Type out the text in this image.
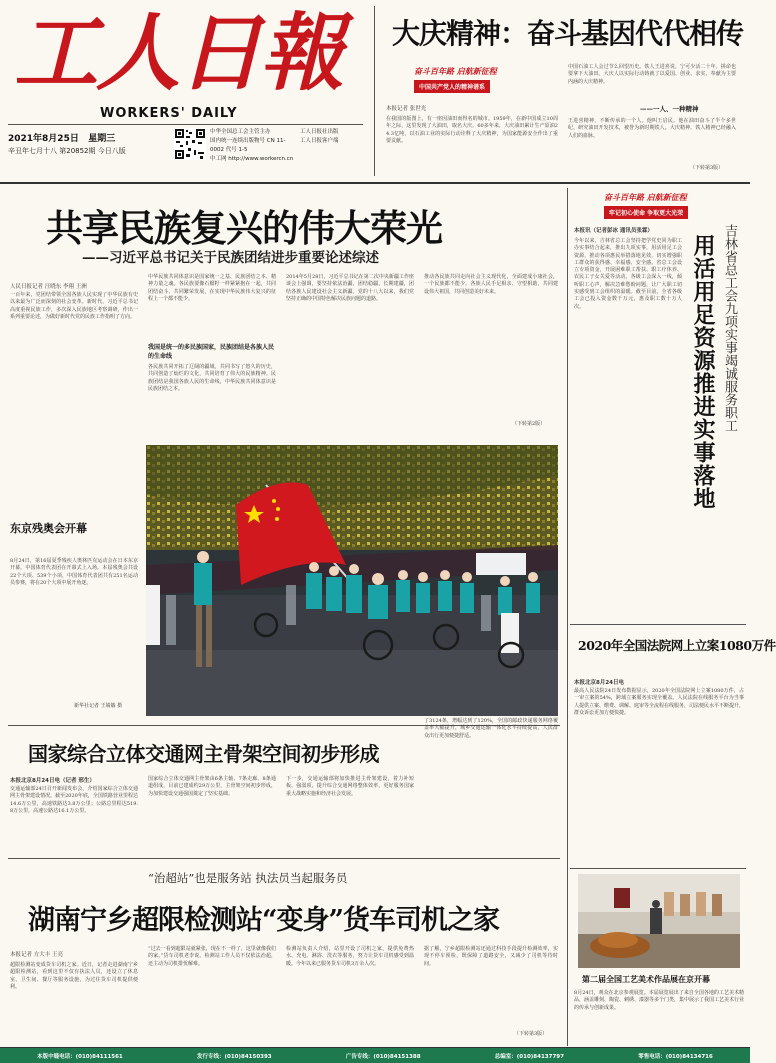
工人日報
WORKERS' DAILY
2021年8月25日 星期三
辛丑年七月十八 第20852期 今日八版
中华全国总工会主管主办
国内统一连续出版物号 CN 11-0002 代号 1-5
中工网 http://www.workercn.cn
工人日报社出版
工人日报客户端
大庆精神：奋斗基因代代相传
奋斗百年路 启航新征程
中国共产党人的精神谱系
本报记者 张世光
在我国的版图上，有一座因油田而得名的城市。1959年，在新中国成立10周年之际，这里发现了大油田，取名大庆。60多年来，大庆油田累计生产原油24.3亿吨，以石油工业的实际行动诠释了大庆精神，为国家能源安全作出了重要贡献。
中国石油工人会过节么回望历史。铁人王进喜说，宁可少活二十年，拼命也要拿下大油田。大庆人以实际行动铸就了以爱国、创业、求实、奉献为主要内涵的大庆精神。
——一人、一种精神
王进喜精神，不断传承的一个人。他叫王启民。他在油田奋斗了半个多世纪，研究油田开发技术，被誉为新时期铁人。大庆精神、铁人精神已经融入人们的血脉。
（下转第3版）
共享民族复兴的伟大荣光
——习近平总书记关于民族团结进步重要论述综述
人民日报记者 汪晓东 李翔 王洲
一百年来，党团结带领全国各族人民实现了中华民族有史以来最为广泛而深刻的社会变革。新时代，习近平总书记高度重视民族工作，多次深入民族地区考察调研，作出一系列重要论述，为做好新时代党的民族工作指明了方向。
中华民族共同体意识是国家统一之基、民族团结之本、精神力量之魂。各民族要像石榴籽一样紧紧抱在一起，共同团结奋斗、共同繁荣发展，在实现中华民族伟大复兴的征程上一个都不能少。
我国是统一的多民族国家，民族团结是各族人民的生命线
各民族共同开拓了辽阔的疆域，共同书写了悠久的历史，共同创造了灿烂的文化，共同培育了伟大的民族精神。民族团结是我国各族人民的生命线，中华民族共同体意识是民族团结之本。
2014年5月28日，习近平总书记在第二次中央新疆工作座谈会上强调，要坚持依法治疆、团结稳疆、长期建疆，团结各族人民建设社会主义新疆。党的十八大以来，我们党坚持正确的中国特色解决民族问题的道路。
推动各民族共同走向社会主义现代化，全面建成小康社会，一个民族都不能少。各族人民手足相亲、守望相助，共同建设伟大祖国，共同创造美好未来。
（下转第2版）
东京残奥会开幕
8月24日，第16届夏季残疾人奥林匹克运动会在日本东京开幕。中国体育代表团在开幕式上入场。本届残奥会共设22个大项、539个小项，中国体育代表团共有251名运动员参赛，将在20个大项中展开角逐。
新华社记者 王婧嫱 摄
国家综合立体交通网主骨架空间初步形成
本报北京8月24日电（记者 邢生）
交通运输部24日召开新闻发布会，介绍国家综合立体交通网主骨架建设情况。截至2020年底，全国铁路营业里程达14.6万公里，高速铁路达3.8万公里；公路总里程达519.8万公里，高速公路达16.1万公里。
国家综合立体交通网主骨架由6条主轴、7条走廊、8条通道组成，目前已建成约29万公里，主骨架空间初步形成，为加快建设交通强国奠定了坚实基础。
下一步，交通运输部将加快推进主骨架建设，着力补短板、强弱项，提升综合交通网络整体效率，更好服务国家重大战略实施和经济社会发展。
了3124条，增幅达到了120%，全国的邮政快递服务网络覆盖率大幅提升，城乡交通运输一体化水平持续提高，人民群众出行更加便捷舒适。
“治超站”也是服务站 执法员当起服务员
湖南宁乡超限检测站“变身”货车司机之家
本报记者 方大丰 王亮
超限检测站变成货车司机之家。近日，记者走进湖南宁乡超限检测站，看到这里不仅有执法人员，还设立了休息室、卫生间、餐厅等服务设施，为过往货车司机提供便利。
“过去一看到超限站就紧张，现在不一样了，这里就像我们的家。”货车司机老李说。检测站工作人员不仅依法治超，还主动为司机排忧解难。
检测站负责人介绍，站里开设了司机之家，提供免费热水、充电、淋浴、洗衣等服务，努力让货车司机感受到温暖。今年以来已服务货车司机3万余人次。
据了解，宁乡超限检测站还通过科技手段提升检测效率，实现不停车预检，既保障了道路安全，又减少了司机等待时间。
（下转第3版）
奋斗百年路 启航新征程
牢记初心使命 争取更大光荣
用活用足资源推进实事落地 吉林省总工会九项实事竭诚服务职工
本报讯（记者彭冰 通讯员张霖）
今年以来，吉林省总工会坚持把学党史同为职工办实事结合起来，推出九项实事，用活用足工会资源，推动各项惠民举措落地见效，切实增强职工群众的获得感、幸福感、安全感。省总工会设立专项资金，开展困难职工帮扶、职工疗休养、农民工子女关爱等活动。各级工会深入一线，倾听职工心声，解决急难愁盼问题，让广大职工切实感受到工会组织的温暖。截至目前，全省各级工会已投入资金数千万元，惠及职工数十万人次。
2020年全国法院网上立案1080万件
本报北京8月24日电
最高人民法院24日发布数据显示，2020年全国法院网上立案1080万件，占一审立案的54%，跨域立案服务实现全覆盖。人民法院在线服务平台为当事人提供立案、缴费、调解、庭审等全流程在线服务，司法便民水平不断提升，群众诉讼更加方便快捷。
第二届全国工艺美术作品展在京开幕
8月24日，观众在北京参观展览。本届展览展出了来自全国各地的工艺美术精品，涵盖雕刻、陶瓷、刺绣、漆器等多个门类，集中展示了我国工艺美术行业的传承与创新成果。
本版中缝电话：(010)84111561	发行专线：(010)84150393	广告专线：(010)84151388	总编室：(010)84137797	零售电话：(010)84134716
